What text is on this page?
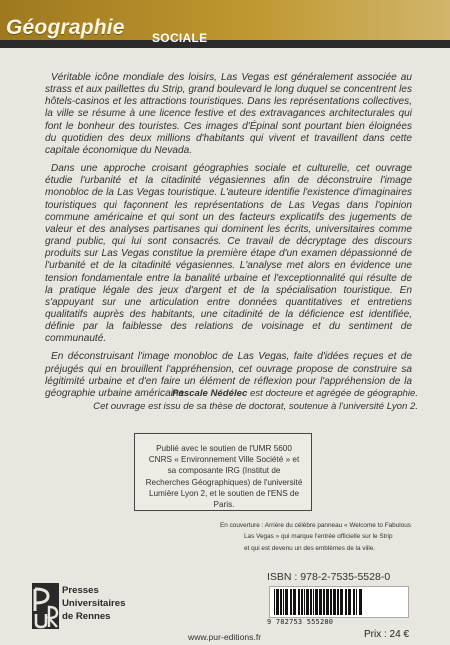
Géographie SOCIALE

Véritable icône mondiale des loisirs, Las Vegas est généralement associée au strass et aux paillettes du Strip, grand boulevard le long duquel se concentrent les hôtels-casinos et les attractions touristiques. Dans les représentations collectives, la ville se résume à une licence festive et des extravagances architecturales qui font le bonheur des touristes. Ces images d'Épinal sont pourtant bien éloignées du quotidien des deux millions d'habitants qui vivent et travaillent dans cette capitale économique du Nevada.

Dans une approche croisant géographies sociale et culturelle, cet ouvrage étudie l'urbanité et la citadinité végasiennes afin de déconstruire l'image monobloc de la Las Vegas touristique. L'auteure identifie l'existence d'imaginaires touristiques qui façonnent les représentations de Las Vegas dans l'opinion commune américaine et qui sont un des facteurs explicatifs des jugements de valeur et des analyses partisanes qui dominent les écrits, universitaires comme grand public, qui lui sont consacrés. Ce travail de décryptage des discours produits sur Las Vegas constitue la première étape d'un examen dépassionné de l'urbanité et de la citadinité végasiennes. L'analyse met alors en évidence une tension fondamentale entre la banalité urbaine et l'exceptionnalité qui résulte de la pratique légale des jeux d'argent et de la spécialisation touristique. En s'appuyant sur une articulation entre données quantitatives et entretiens qualitatifs auprès des habitants, une citadinité de la déficience est identifiée, définie par la faiblesse des relations de voisinage et du sentiment de communauté.

En déconstruisant l'image monobloc de Las Vegas, faite d'idées reçues et de préjugés qui en brouillent l'appréhension, cet ouvrage propose de construire sa légitimité urbaine et d'en faire un élément de réflexion pour l'appréhension de la géographie urbaine américaine.

Pascale Nédélec est docteure et agrégée de géographie.
Cet ouvrage est issu de sa thèse de doctorat, soutenue à l'université Lyon 2.
Publié avec le soutien de l'UMR 5600 CNRS « Environnement Ville Société » et sa composante IRG (Institut de Recherches Géographiques) de l'université Lumière Lyon 2, et le soutien de l'ENS de Paris.
En couverture : Arrière du célèbre panneau « Welcome to Fabulous
Las Vegas » qui marque l'entrée officielle sur le Strip
et qui est devenu un des emblèmes de la ville.
Presses
Universitaires
de Rennes
ISBN : 978-2-7535-5528-0
9 782753 555280
Prix : 24 €
www.pur-editions.fr
